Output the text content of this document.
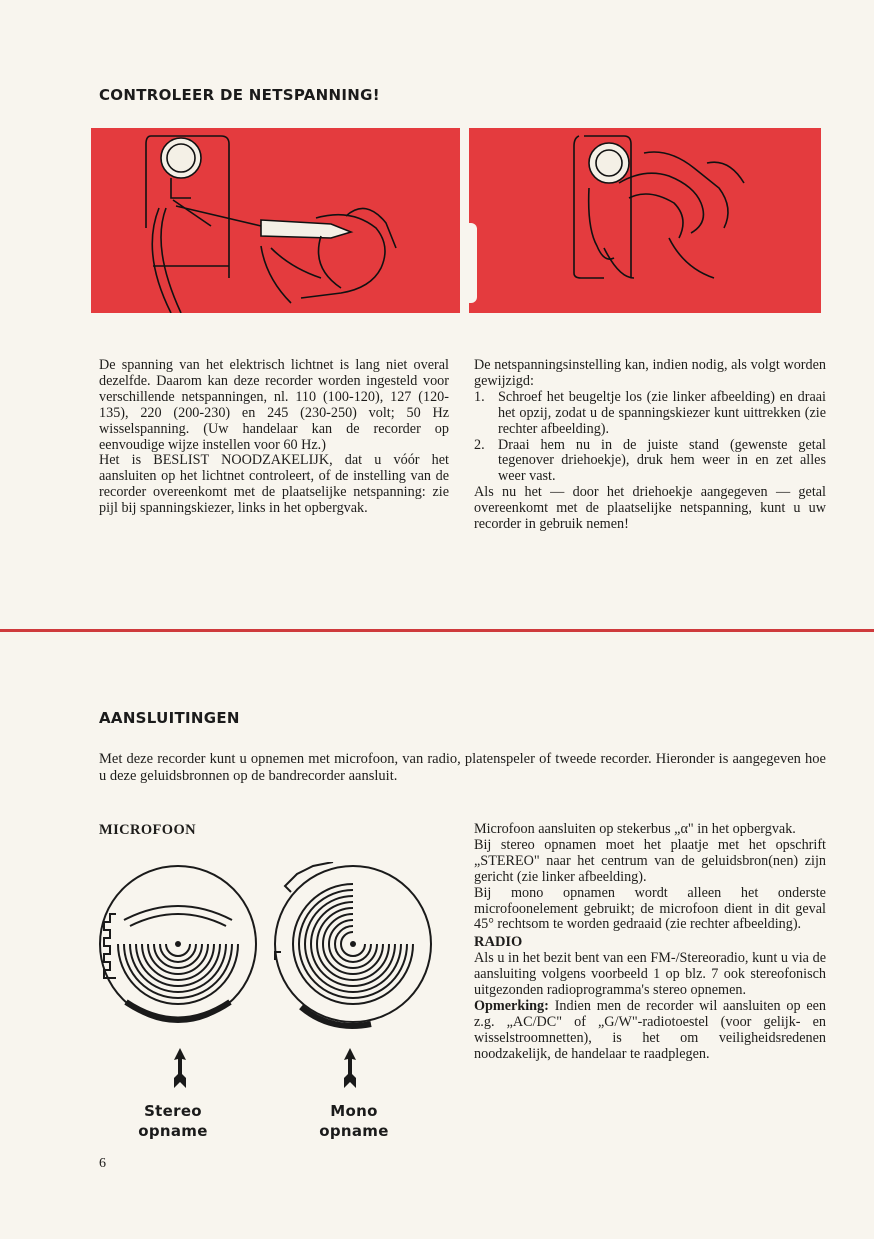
CONTROLEER DE NETSPANNING!

De spanning van het elektrisch lichtnet is lang niet overal dezelfde. Daarom kan deze recorder worden ingesteld voor verschillende netspanningen, nl. 110 (100-120), 127 (120-135), 220 (200-230) en 245 (230-250) volt; 50 Hz wisselspanning. (Uw handelaar kan de recorder op eenvoudige wijze instellen voor 60 Hz.)

Het is BESLIST NOODZAKELIJK, dat u vóór het aansluiten op het lichtnet controleert, of de instelling van de recorder overeenkomt met de plaatselijke netspanning: zie pijl bij spanningskiezer, links in het opbergvak.

De netspanningsinstelling kan, indien nodig, als volgt worden gewijzigd:

1. Schroef het beugeltje los (zie linker afbeelding) en draai het opzij, zodat u de spanningskiezer kunt uittrekken (zie rechter afbeelding).
2. Draai hem nu in de juiste stand (gewenste getal tegenover driehoekje), druk hem weer in en zet alles weer vast.

Als nu het — door het driehoekje aangegeven — getal overeenkomt met de plaatselijke netspanning, kunt u uw recorder in gebruik nemen!

AANSLUITINGEN

Met deze recorder kunt u opnemen met microfoon, van radio, platenspeler of tweede recorder. Hieronder is aangegeven hoe u deze geluidsbronnen op de bandrecorder aansluit.

MICROFOON
Stereo
opname
Mono
opname

Microfoon aansluiten op stekerbus „α" in het opbergvak.

Bij stereo opnamen moet het plaatje met het opschrift „STEREO" naar het centrum van de geluidsbron(nen) zijn gericht (zie linker afbeelding).

Bij mono opnamen wordt alleen het onderste microfoonelement gebruikt; de microfoon dient in dit geval 45° rechtsom te worden gedraaid (zie rechter afbeelding).

RADIO

Als u in het bezit bent van een FM-/Stereoradio, kunt u via de aansluiting volgens voorbeeld 1 op blz. 7 ook stereofonisch uitgezonden radioprogramma's stereo opnemen.

Opmerking: Indien men de recorder wil aansluiten op een z.g. „AC/DC" of „G/W"-radiotoestel (voor gelijk- en wisselstroomnetten), is het om veiligheidsredenen noodzakelijk, de handelaar te raadplegen.

6
